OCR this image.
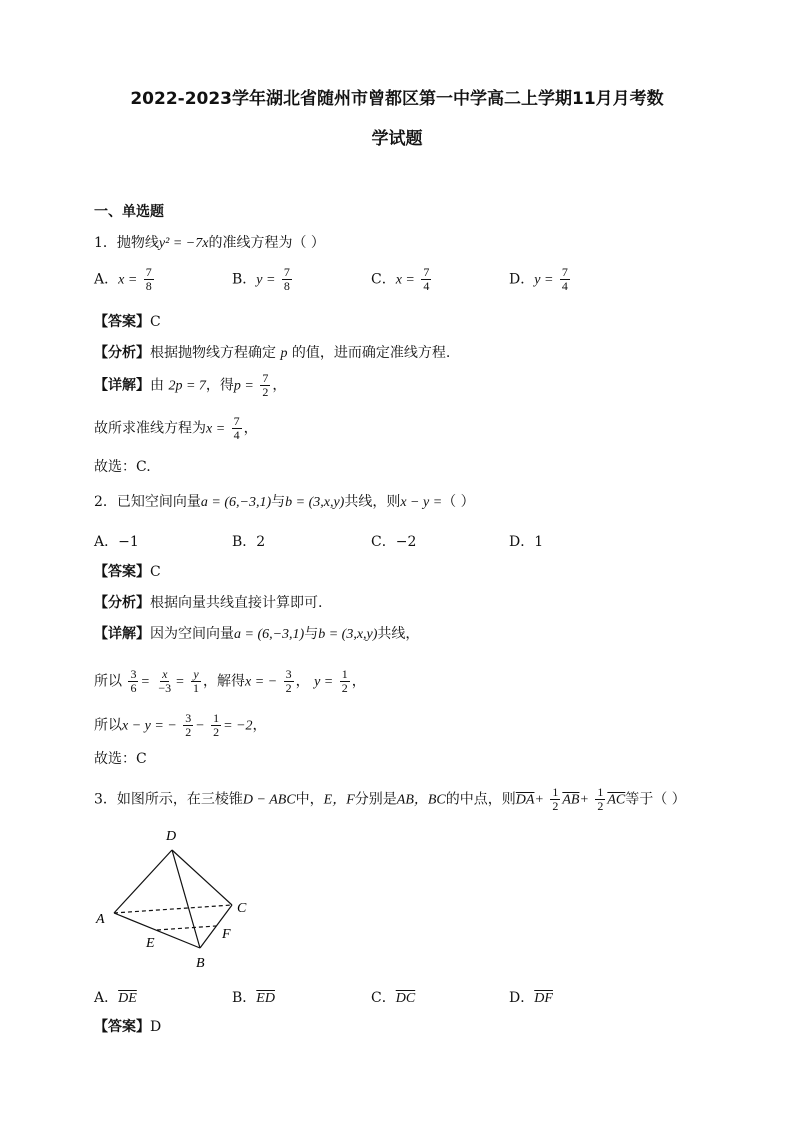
2022-2023学年湖北省随州市曾都区第一中学高二上学期11月月考数
学试题
一、单选题
1．抛物线y² = −7x的准线方程为（ ）
A．$x = \frac{7}{8}$	B．$y = \frac{7}{8}$	C．$x = \frac{7}{4}$	D．$y = \frac{7}{4}$
【答案】C
【分析】根据抛物线方程确定 p 的值，进而确定准线方程.
【详解】由 2p = 7，得$p = \frac{7}{2}$ ，
故所求准线方程为$x = \frac{7}{4}$ ，
故选：C.
2．已知空间向量a = (6,−3,1)与b = (3,x,y)共线，则x − y =（ ）
A．−1	B．2	C．−2	D．1
【答案】C
【分析】根据向量共线直接计算即可.
【详解】因为空间向量a = (6,−3,1)与b = (3,x,y)共线，
所以 $\frac{3}{6} = \frac{x}{-3} = \frac{y}{1}$ ，解得x = − $\frac{3}{2}$ ， $y = \frac{1}{2}$ ，
所以x − y = − $\frac{3}{2} - \frac{1}{2} = -2$，
故选：C
3．如图所示，在三棱锥D − ABC中，E，F分别是AB，BC的中点，则$\overline{DA}+ \frac{1}{2} \overline{AB}+ \frac{1}{2} \overline{AC}$等于（ ）
D
A
C
E
F
B
A．$\overline{DE}$	B．$\overline{ED}$	C．$\overline{DC}$	D．$\overline{DF}$
【答案】D
